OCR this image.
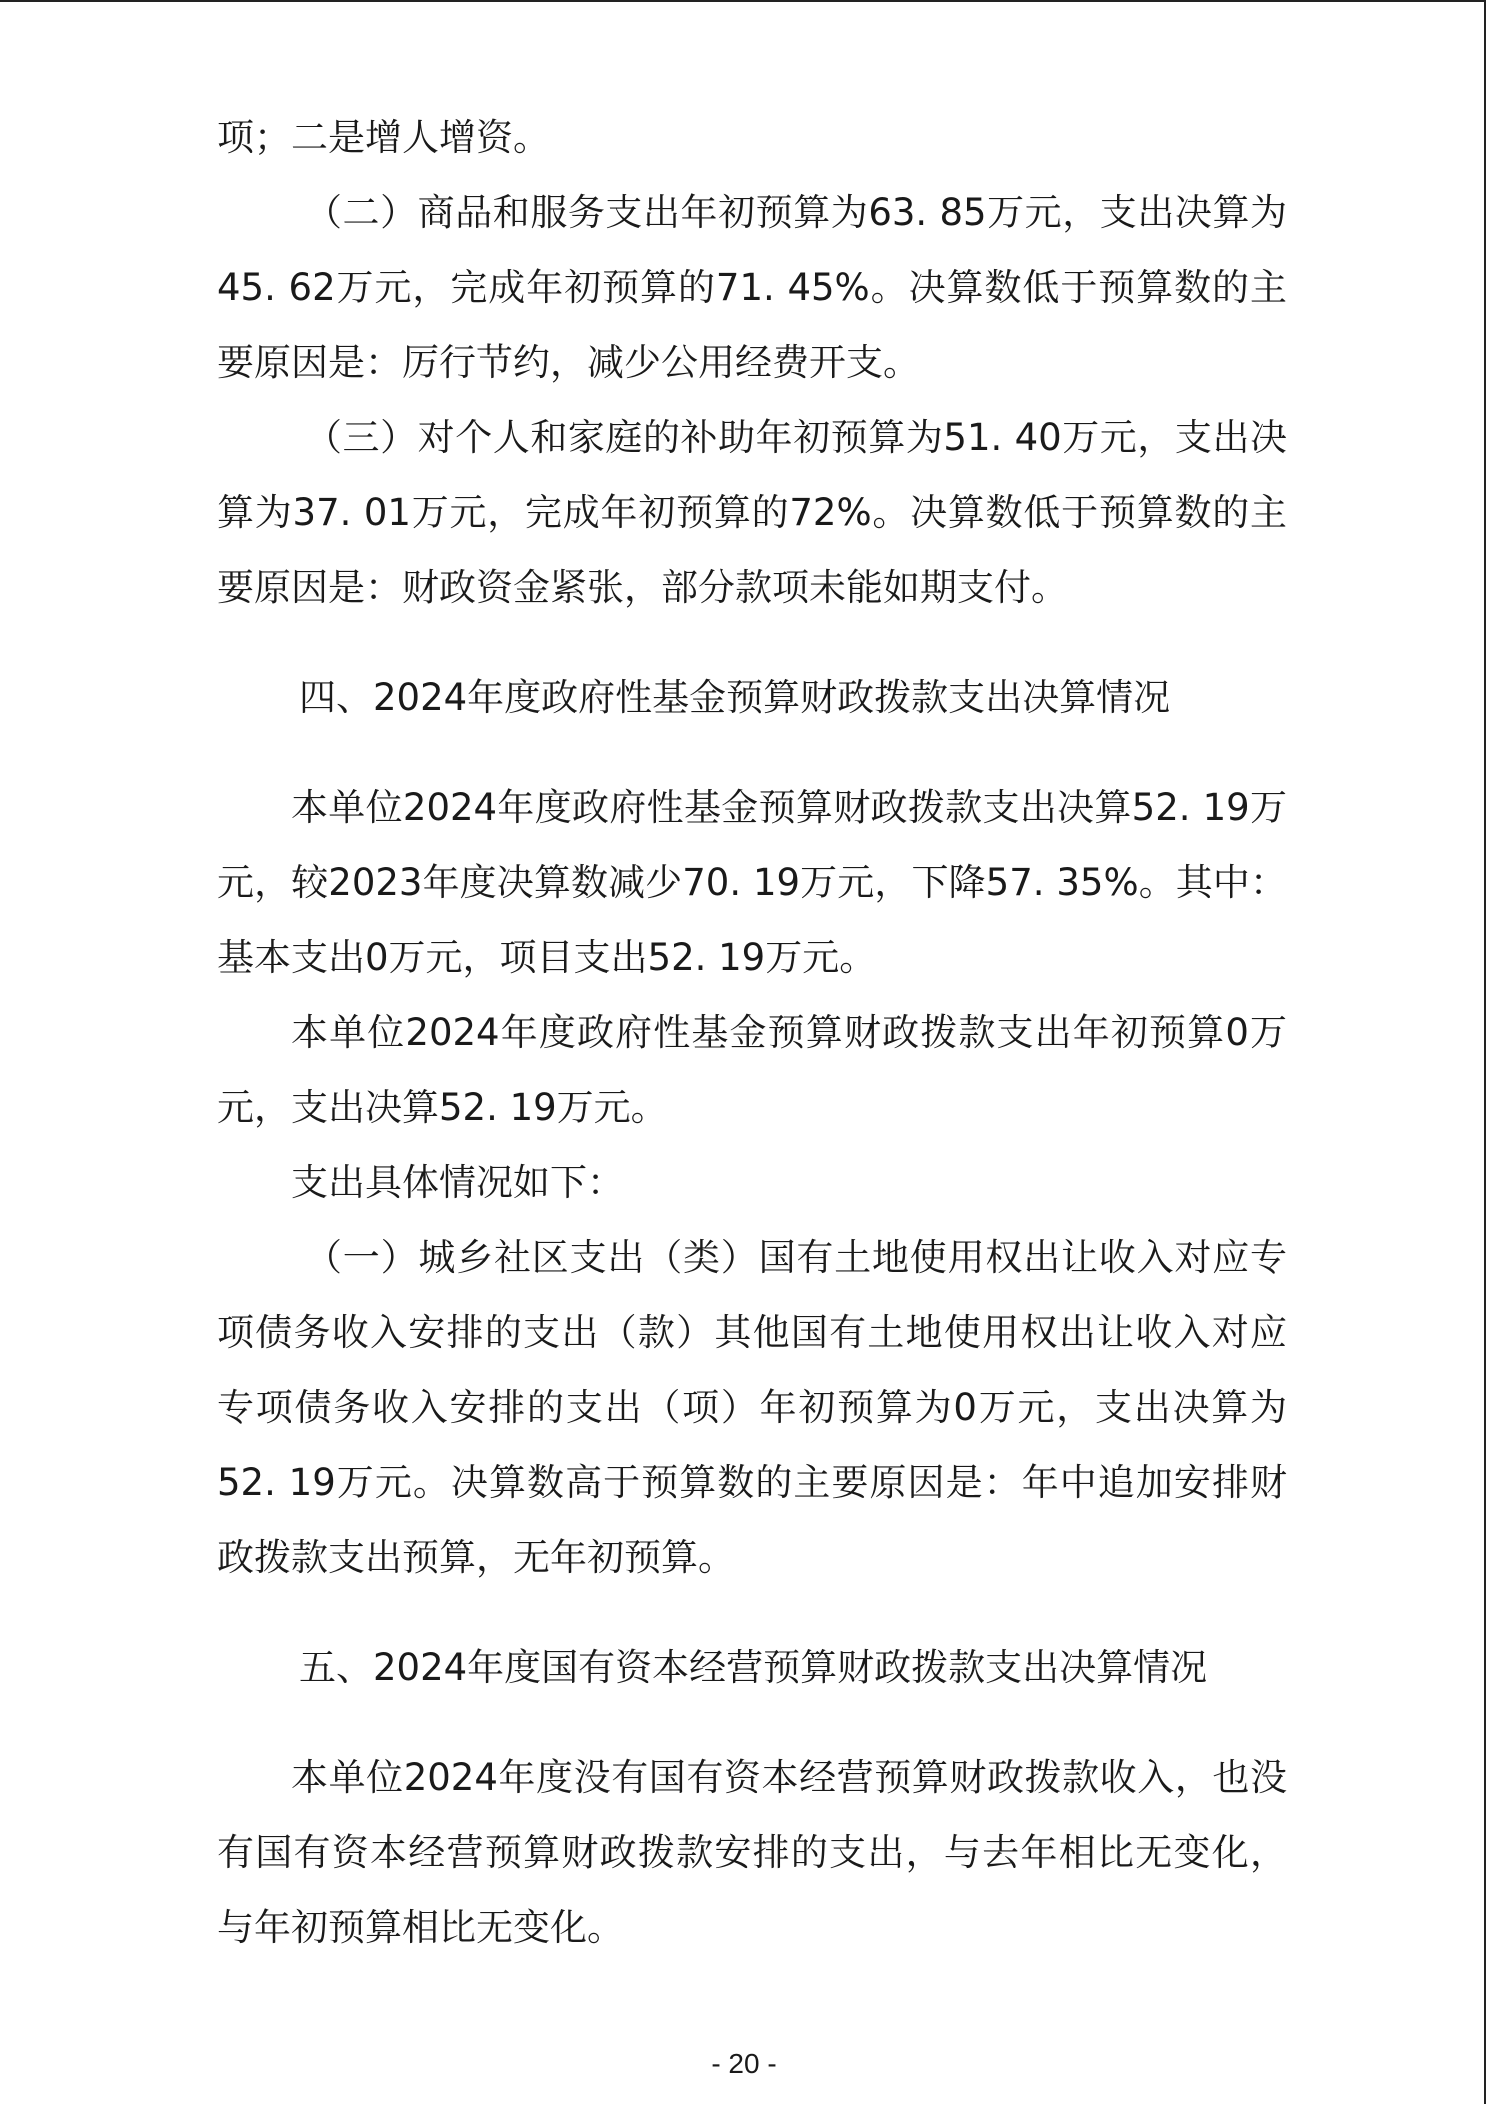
项；二是增人增资。

（二）商品和服务支出年初预算为63. 85万元，支出决算为45. 62万元，完成年初预算的71. 45%。决算数低于预算数的主要原因是：厉行节约，减少公用经费开支。

（三）对个人和家庭的补助年初预算为51. 40万元，支出决算为37. 01万元，完成年初预算的72%。决算数低于预算数的主要原因是：财政资金紧张，部分款项未能如期支付。

四、2024年度政府性基金预算财政拨款支出决算情况

本单位2024年度政府性基金预算财政拨款支出决算52. 19万元，较2023年度决算数减少70. 19万元，下降57. 35%。其中：基本支出0万元，项目支出52. 19万元。

本单位2024年度政府性基金预算财政拨款支出年初预算0万元，支出决算52. 19万元。

支出具体情况如下：

（一）城乡社区支出（类）国有土地使用权出让收入对应专项债务收入安排的支出（款）其他国有土地使用权出让收入对应专项债务收入安排的支出（项）年初预算为0万元，支出决算为52. 19万元。决算数高于预算数的主要原因是：年中追加安排财政拨款支出预算，无年初预算。

五、2024年度国有资本经营预算财政拨款支出决算情况

本单位2024年度没有国有资本经营预算财政拨款收入，也没有国有资本经营预算财政拨款安排的支出，与去年相比无变化，与年初预算相比无变化。

- 20 -
